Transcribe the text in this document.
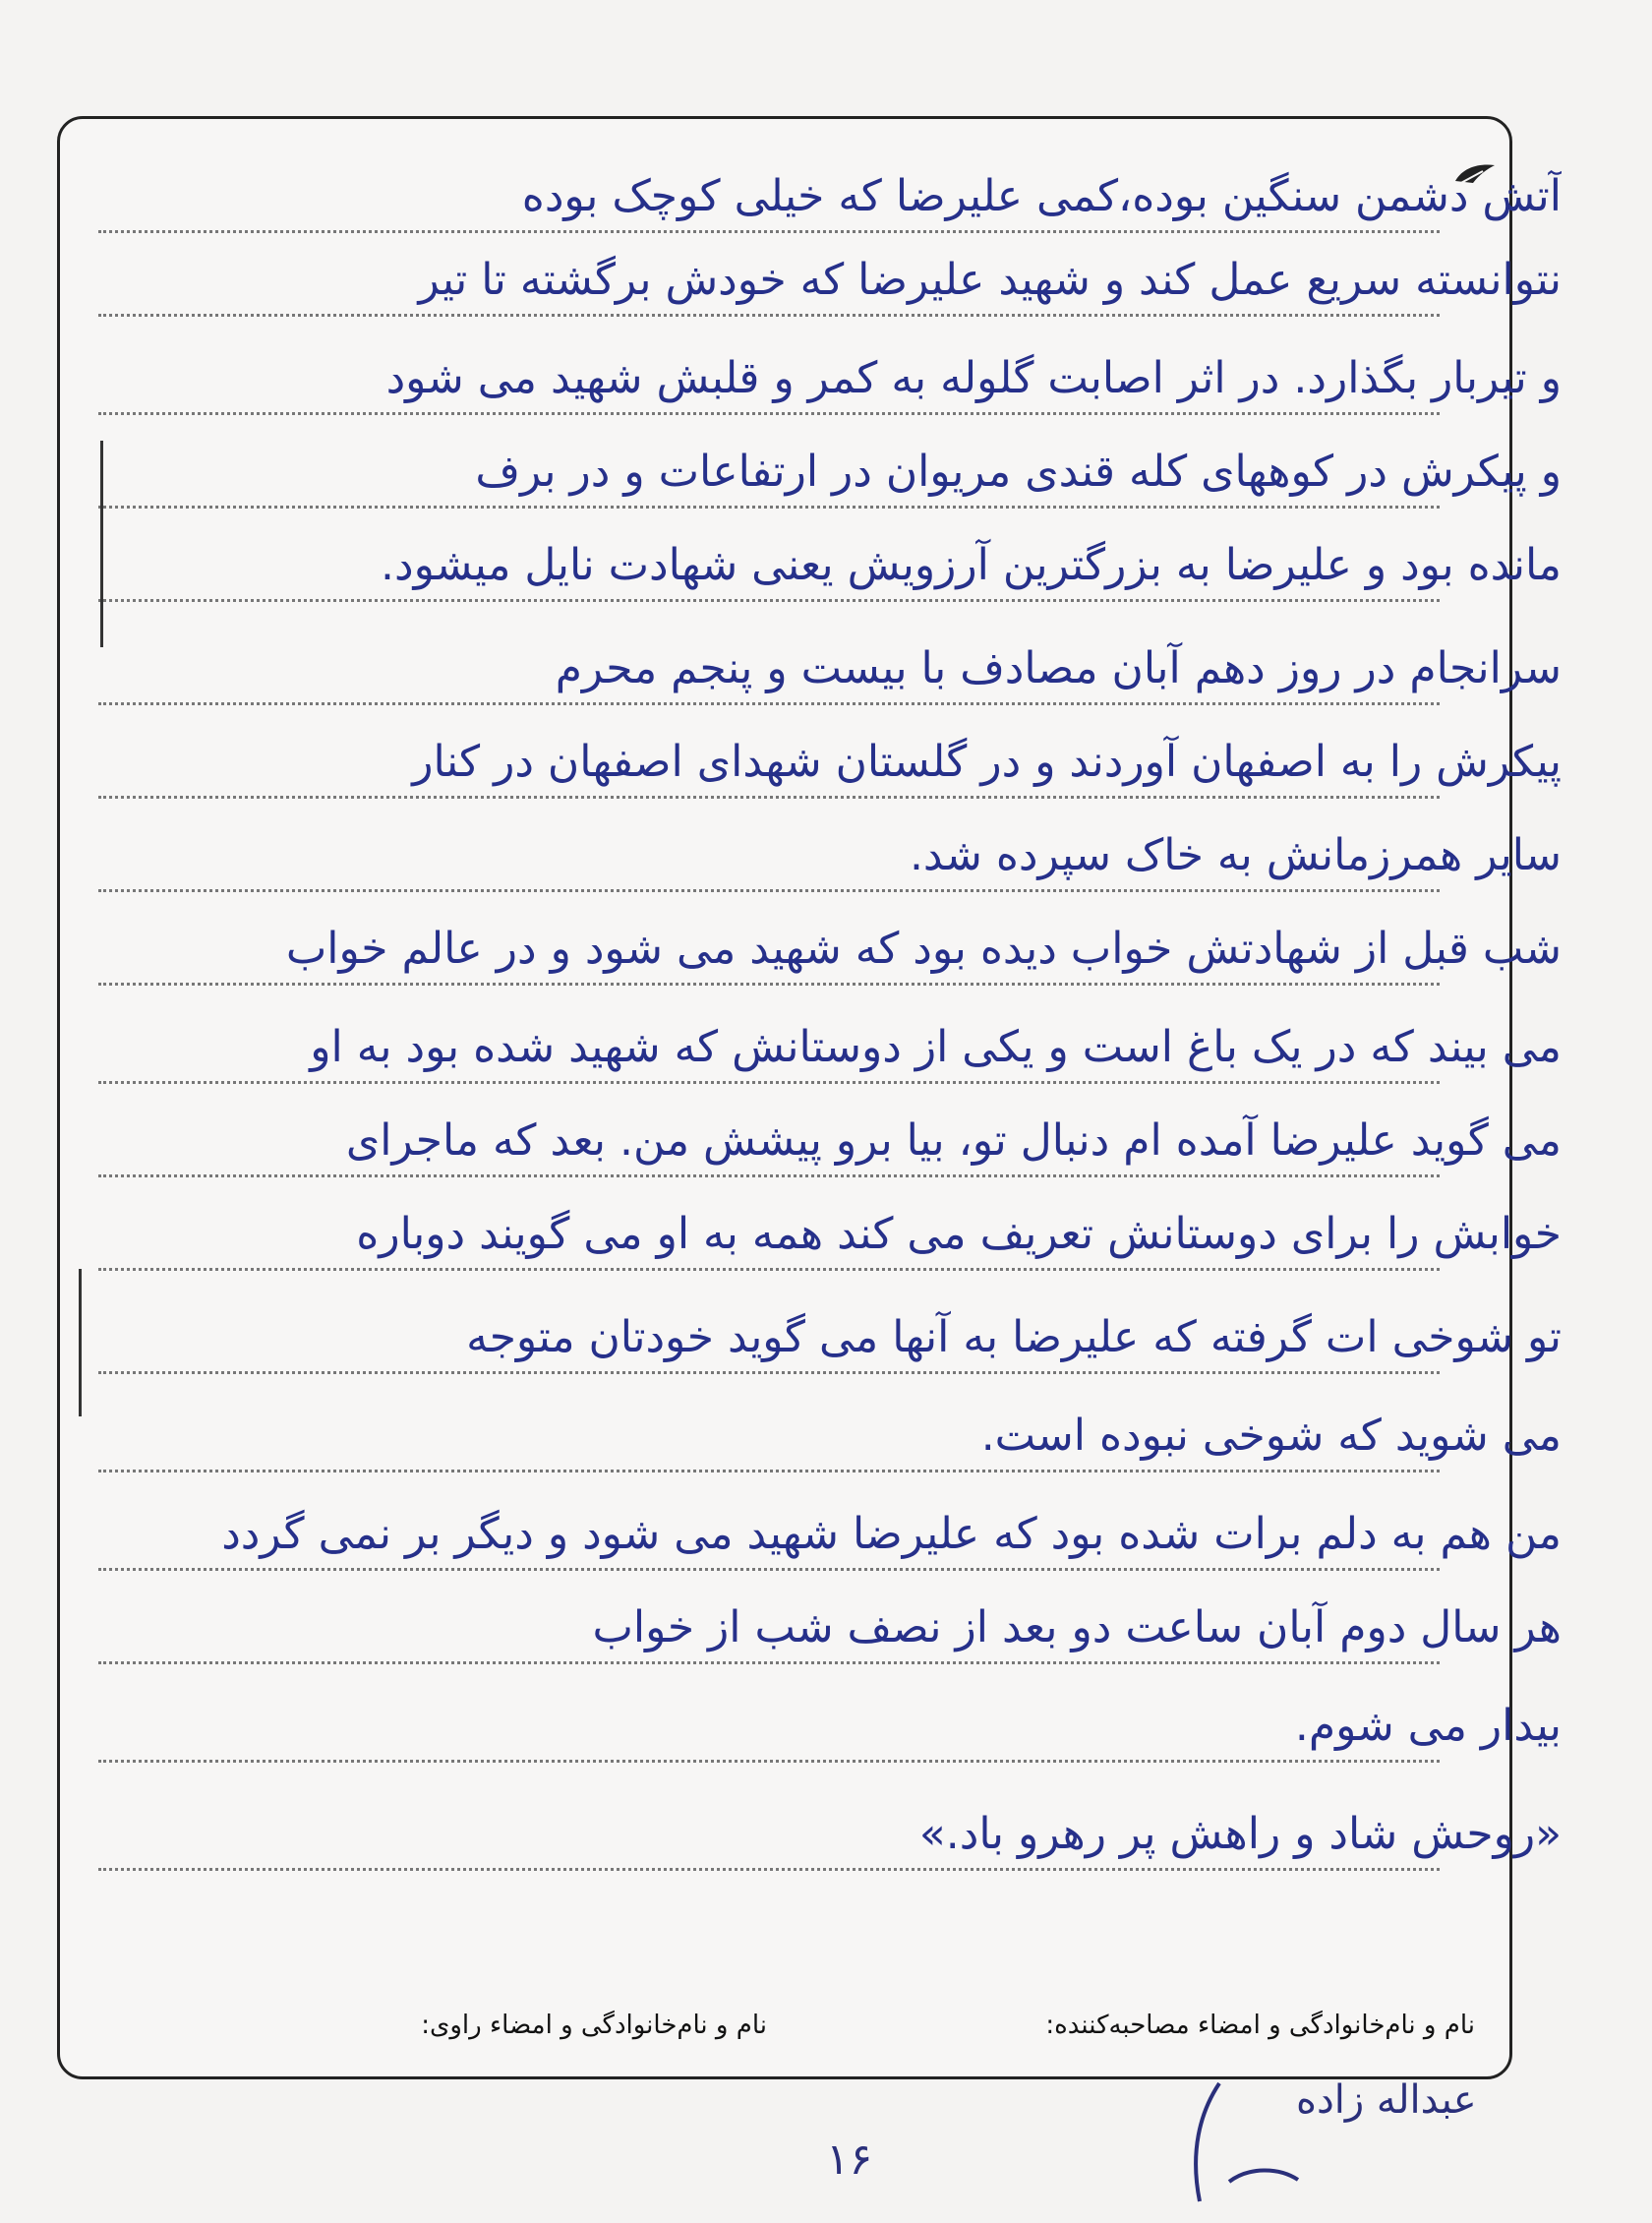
آتش دشمن سنگین بوده،کمی علیرضا که خیلی کوچک بوده
نتوانسته سریع عمل کند و شهید علیرضا که خودش برگشته تا تیر
و تیربار بگذارد. در اثر اصابت گلوله به کمر و قلبش شهید می شود
و پیکرش در کوههای کله قندی مریوان در ارتفاعات و در برف
مانده بود و علیرضا به بزرگترین آرزویش یعنی شهادت نایل میشود.
سرانجام در روز دهم آبان مصادف با بیست و پنجم محرم
پیکرش را به اصفهان آوردند و در گلستان شهدای اصفهان در کنار
سایر همرزمانش به خاک سپرده شد.
شب قبل از شهادتش خواب دیده بود که شهید می شود و در عالم خواب
می بیند که در یک باغ است و یکی از دوستانش که شهید شده بود به او
می گوید علیرضا آمده ام دنبال تو، بیا برو پیشش من. بعد که ماجرای
خوابش را برای دوستانش تعریف می کند همه به او می گویند دوباره
تو شوخی ات گرفته که علیرضا به آنها می گوید خودتان متوجه
می شوید که شوخی نبوده است.
من هم به دلم برات شده بود که علیرضا شهید می شود و دیگر بر نمی گردد
هر سال دوم آبان ساعت دو بعد از نصف شب از خواب
بیدار می شوم.
«روحش شاد و راهش پر رهرو باد.»
نام و نام‌خانوادگی و امضاء مصاحبه‌کننده:
نام و نام‌خانوادگی و امضاء راوی:
۱۶
عبداله زاده
